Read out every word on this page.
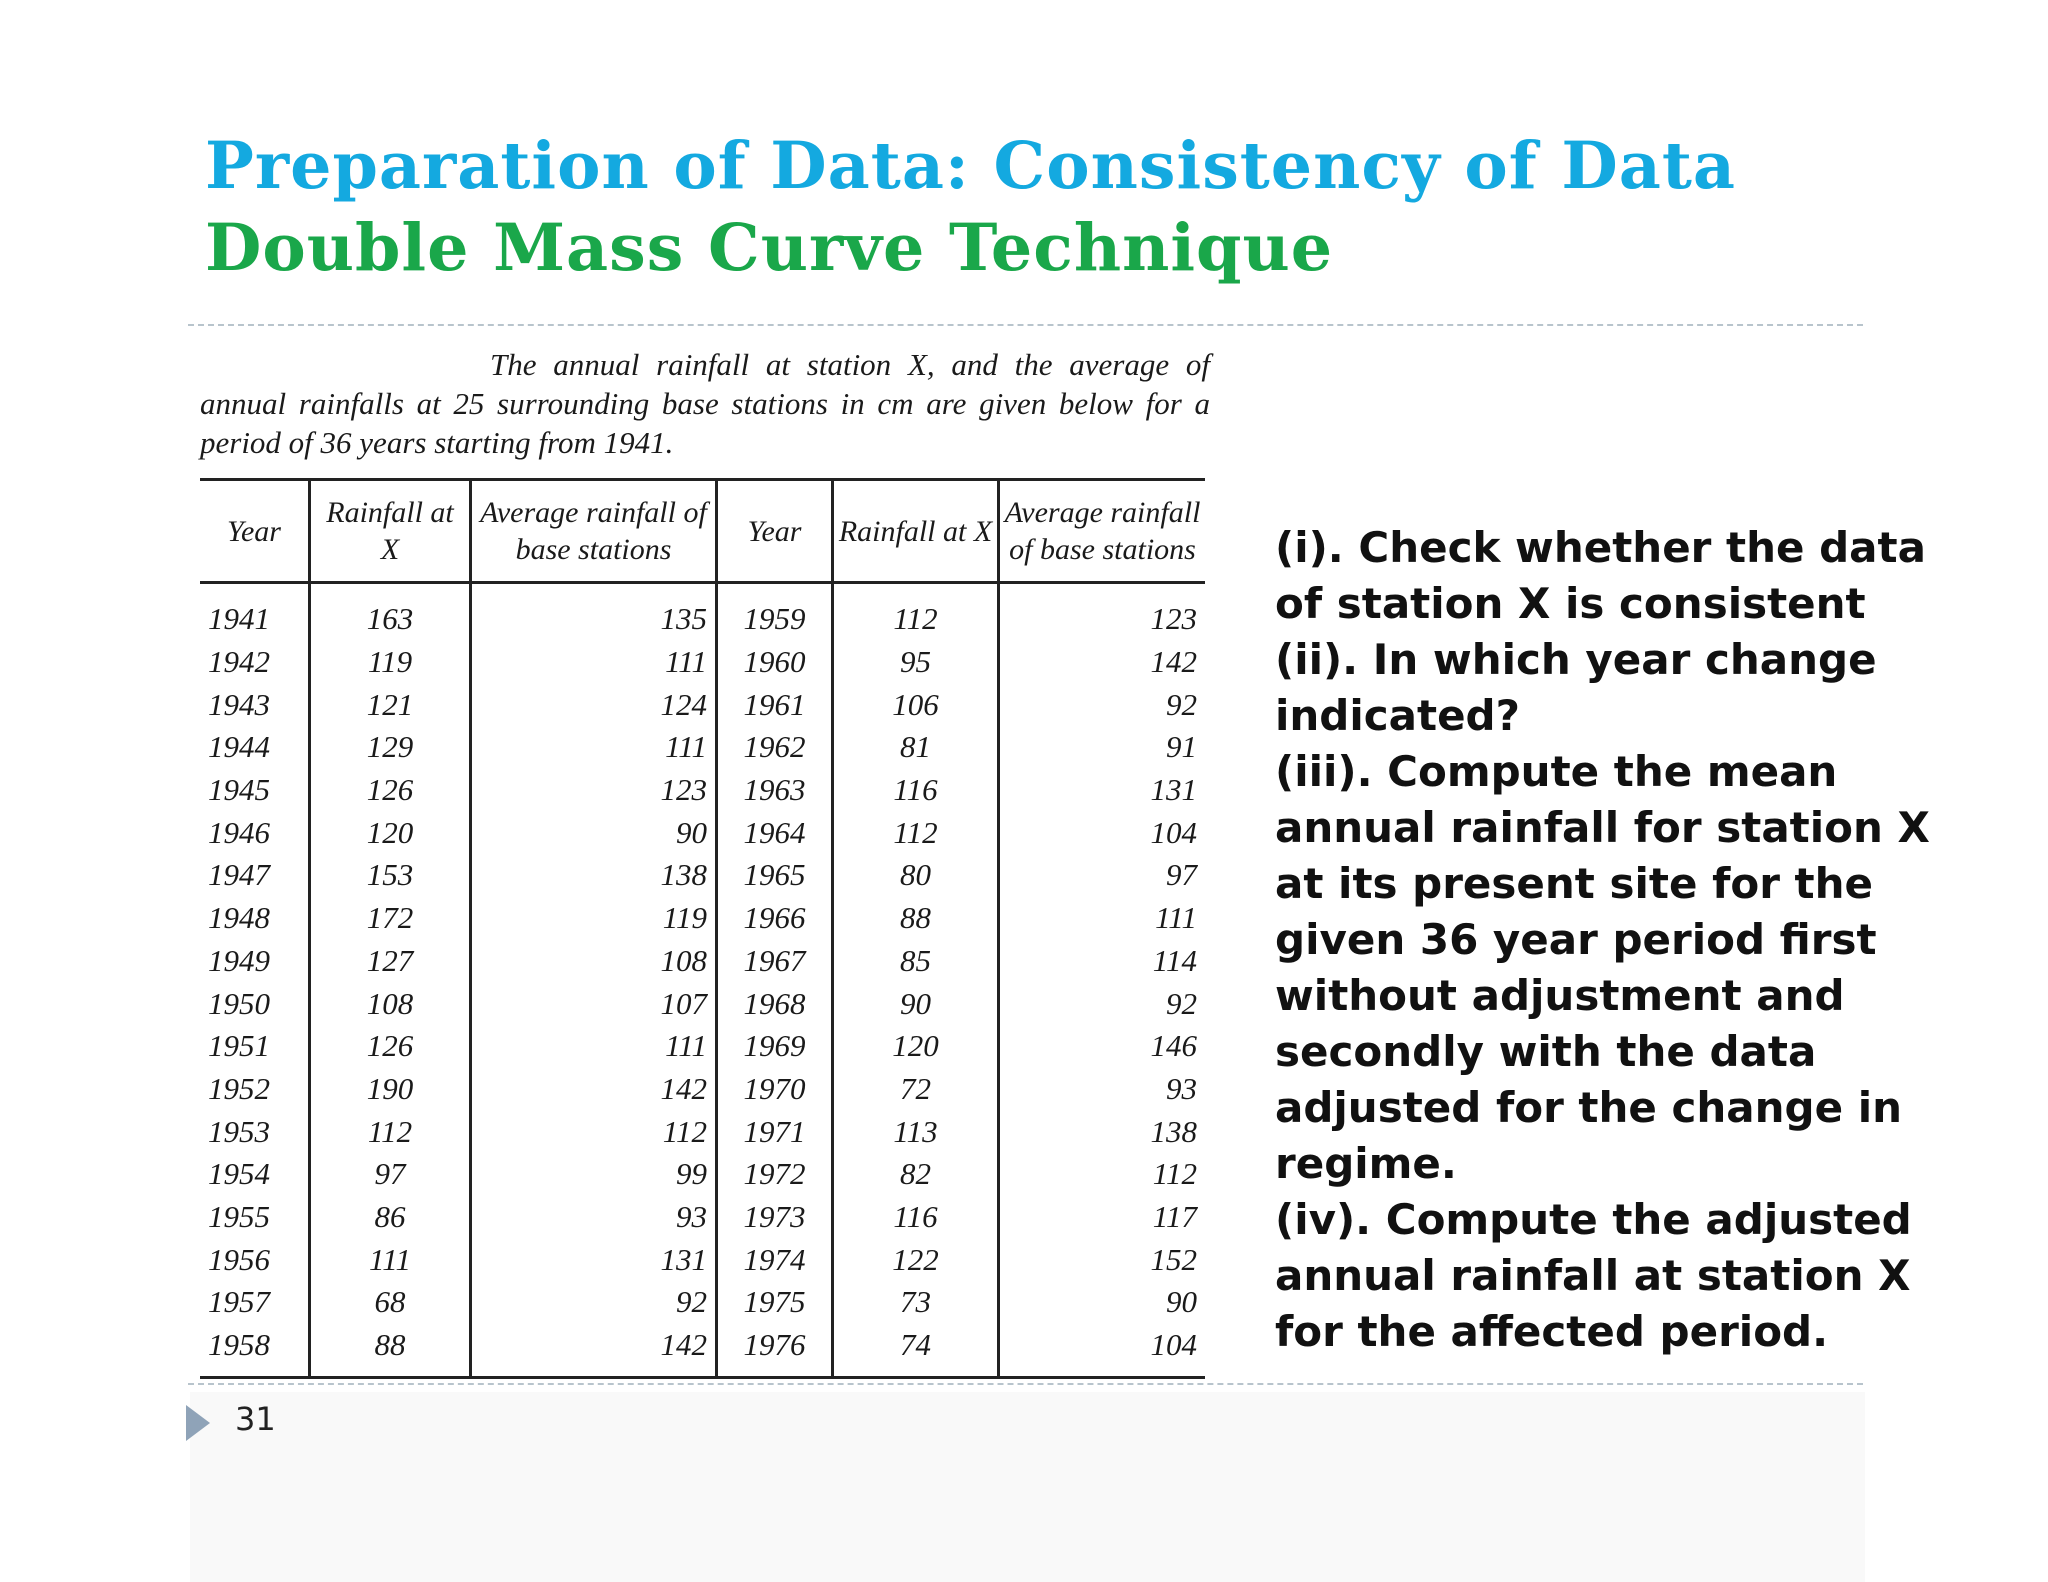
Preparation of Data: Consistency of Data
Double Mass Curve Technique
The annual rainfall at station X, and the average of annual rainfalls at 25 surrounding base stations in cm are given below for a period of 36 years starting from 1941.
Year	Rainfall at X	Average rainfall of base stations	Year	Rainfall at X	Average rainfall of base stations
1941	163	135	1959	112	123
1942	119	111	1960	95	142
1943	121	124	1961	106	92
1944	129	111	1962	81	91
1945	126	123	1963	116	131
1946	120	90	1964	112	104
1947	153	138	1965	80	97
1948	172	119	1966	88	111
1949	127	108	1967	85	114
1950	108	107	1968	90	92
1951	126	111	1969	120	146
1952	190	142	1970	72	93
1953	112	112	1971	113	138
1954	97	99	1972	82	112
1955	86	93	1973	116	117
1956	111	131	1974	122	152
1957	68	92	1975	73	90
1958	88	142	1976	74	104

(i). Check whether the data of station X is consistent

(ii). In which year change indicated?

(iii). Compute the mean annual rainfall for station X at its present site for the given 36 year period first without adjustment and secondly with the data adjusted for the change in regime.

(iv). Compute the adjusted annual rainfall at station X for the affected period.

31
